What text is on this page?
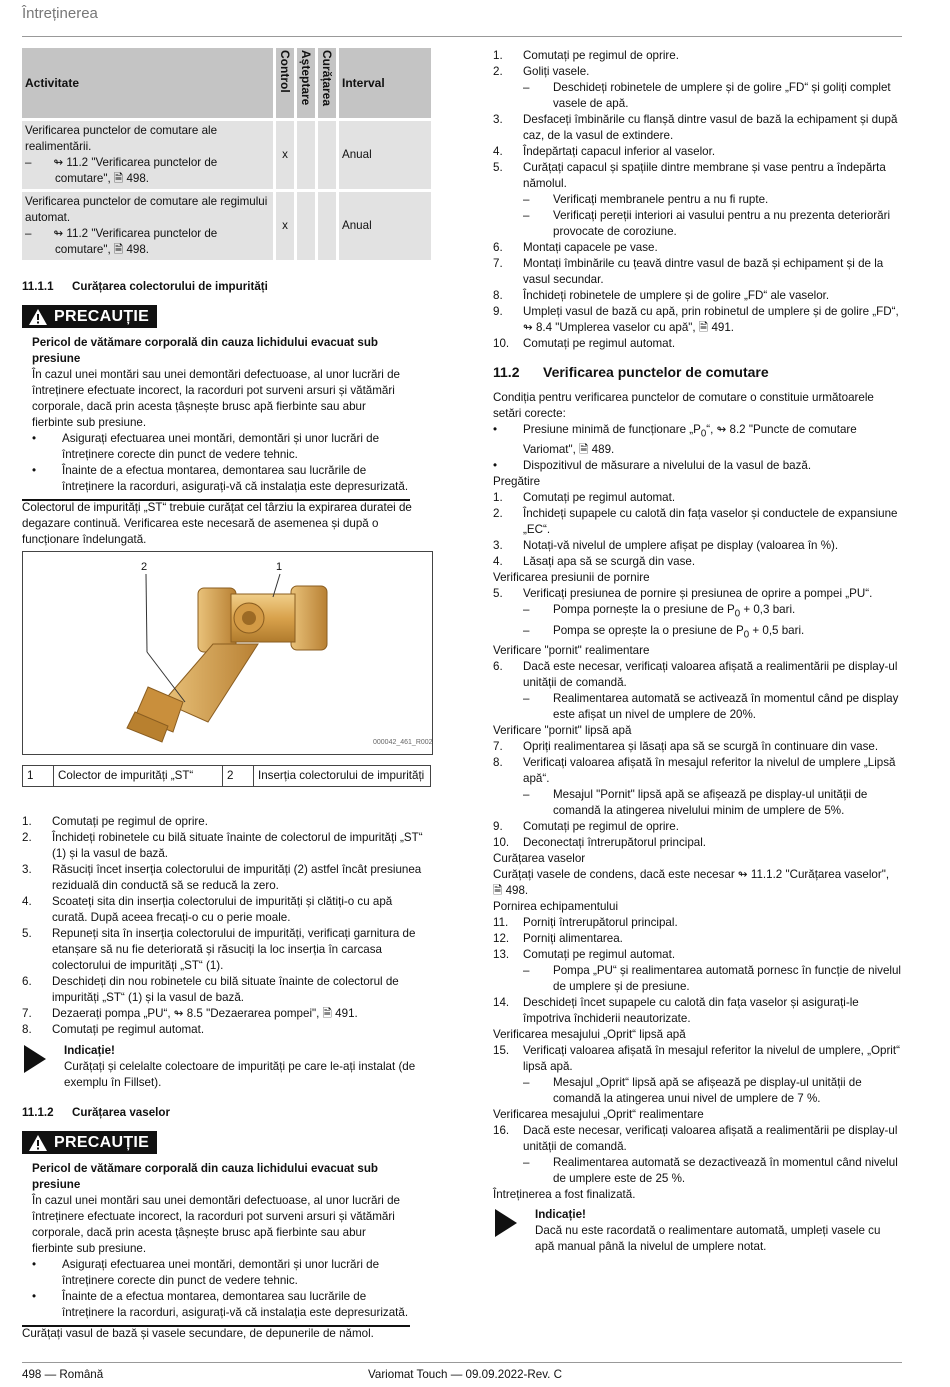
Întreținerea
Activitate	Control	Așteptare	Curățarea	Interval

Verificarea punctelor de comutare ale realimentării.
– ↬ 11.2 "Verificarea punctelor de comutare", 🗎 498.	x			Anual

Verificarea punctelor de comutare ale regimului automat.
– ↬ 11.2 "Verificarea punctelor de comutare", 🗎 498.	x			Anual
11.1.1 Curățarea colectorului de impurități
PRECAUȚIE
Pericol de vătămare corporală din cauza lichidului evacuat sub presiune
În cazul unei montări sau unei demontări defectuoase, al unor lucrări de întreținere efectuate incorect, la racorduri pot surveni arsuri și vătămări corporale, dacă prin acesta țâșnește brusc apă fierbinte sau abur fierbinte sub presiune.
• Asigurați efectuarea unei montări, demontări și unor lucrări de întreținere corecte din punct de vedere tehnic.
• Înainte de a efectua montarea, demontarea sau lucrările de întreținere la racorduri, asigurați-vă că instalația este depresurizată.

Colectorul de impurități „ST“ trebuie curățat cel târziu la expirarea duratei de degazare continuă. Verificarea este necesară de asemenea și după o funcționare îndelungată.

2	1
000042_461_R002
1	Colector de impurități „ST“	2	Inserția colectorului de impurități
1. Comutați pe regimul de oprire.
2. Închideți robinetele cu bilă situate înainte de colectorul de impurități „ST“ (1) și la vasul de bază.
3. Răsuciți încet inserția colectorului de impurități (2) astfel încât presiunea reziduală din conductă să se reducă la zero.
4. Scoateți sita din inserția colectorului de impurități și clătiți-o cu apă curată. După aceea frecați-o cu o perie moale.
5. Repuneți sita în inserția colectorului de impurități, verificați garnitura de etanșare să nu fie deteriorată și răsuciți la loc inserția în carcasa colectorului de impurități „ST“ (1).
6. Deschideți din nou robinetele cu bilă situate înainte de colectorul de impurități „ST“ (1) și la vasul de bază.
7. Dezaerați pompa „PU“, ↬ 8.5 "Dezaerarea pompei", 🗎 491.
8. Comutați pe regimul automat.
Indicație!
Curățați și celelalte colectoare de impurități pe care le-ați instalat (de exemplu în Fillset).
11.1.2 Curățarea vaselor
PRECAUȚIE
Pericol de vătămare corporală din cauza lichidului evacuat sub presiune
În cazul unei montări sau unei demontări defectuoase, al unor lucrări de întreținere efectuate incorect, la racorduri pot surveni arsuri și vătămări corporale, dacă prin acesta țâșnește brusc apă fierbinte sau abur fierbinte sub presiune.
• Asigurați efectuarea unei montări, demontări și unor lucrări de întreținere corecte din punct de vedere tehnic.
• Înainte de a efectua montarea, demontarea sau lucrările de întreținere la racorduri, asigurați-vă că instalația este depresurizată.

Curățați vasul de bază și vasele secundare, de depunerile de nămol.

1. Comutați pe regimul de oprire.
2. Goliți vasele.
– Deschideți robinetele de umplere și de golire „FD“ și goliți complet vasele de apă.
3. Desfaceți îmbinările cu flanșă dintre vasul de bază la echipament și după caz, de la vasul de extindere.
4. Îndepărtați capacul inferior al vaselor.
5. Curățați capacul și spațiile dintre membrane și vase pentru a îndepărta nămolul.
– Verificați membranele pentru a nu fi rupte.
– Verificați pereții interiori ai vasului pentru a nu prezenta deteriorări provocate de coroziune.
6. Montați capacele pe vase.
7. Montați îmbinările cu țeavă dintre vasul de bază și echipament și de la vasul secundar.
8. Închideți robinetele de umplere și de golire „FD“ ale vaselor.
9. Umpleți vasul de bază cu apă, prin robinetul de umplere și de golire „FD“, ↬ 8.4 "Umplerea vaselor cu apă", 🗎 491.
10. Comutați pe regimul automat.
11.2 Verificarea punctelor de comutare

Condiția pentru verificarea punctelor de comutare o constituie următoarele setări corecte:

• Presiune minimă de funcționare $„P_0“$, ↬ 8.2 "Puncte de comutare Variomat", 🗎 489.
• Dispozitivul de măsurare a nivelului de la vasul de bază.

Pregătire

1. Comutați pe regimul automat.
2. Închideți supapele cu calotă din fața vaselor și conductele de expansiune „EC“.
3. Notați-vă nivelul de umplere afișat pe display (valoarea în %).
4. Lăsați apa să se scurgă din vase.

Verificarea presiunii de pornire

5. Verificați presiunea de pornire și presiunea de oprire a pompei „PU“.
– Pompa pornește la o presiune de $P_0 + 0,3$ bari.
– Pompa se oprește la o presiune de $P_0 + 0,5$ bari.

Verificare "pornit" realimentare

6. Dacă este necesar, verificați valoarea afișată a realimentării pe display-ul unității de comandă.
– Realimentarea automată se activează în momentul când pe display este afișat un nivel de umplere de 20%.

Verificare "pornit" lipsă apă

7. Opriți realimentarea și lăsați apa să se scurgă în continuare din vase.
8. Verificați valoarea afișată în mesajul referitor la nivelul de umplere „Lipsă apă“.
– Mesajul "Pornit" lipsă apă se afișează pe display-ul unității de comandă la atingerea nivelului minim de umplere de 5%.
9. Comutați pe regimul de oprire.
10. Deconectați întrerupătorul principal.

Curățarea vaselor

Curățați vasele de condens, dacă este necesar ↬ 11.1.2 "Curățarea vaselor", 🗎 498.

Pornirea echipamentului

11. Porniți întrerupătorul principal.
12. Porniți alimentarea.
13. Comutați pe regimul automat.
– Pompa „PU“ și realimentarea automată pornesc în funcție de nivelul de umplere și de presiune.
14. Deschideți încet supapele cu calotă din fața vaselor și asigurați-le împotriva închiderii neautorizate.

Verificarea mesajului „Oprit“ lipsă apă

15. Verificați valoarea afișată în mesajul referitor la nivelul de umplere, „Oprit“ lipsă apă.
– Mesajul „Oprit“ lipsă apă se afișează pe display-ul unității de comandă la atingerea unui nivel de umplere de 7 %.

Verificarea mesajului „Oprit“ realimentare

16. Dacă este necesar, verificați valoarea afișată a realimentării pe display-ul unității de comandă.
– Realimentarea automată se dezactivează în momentul când nivelul de umplere este de 25 %.

Întreținerea a fost finalizată.

Indicație!
Dacă nu este racordată o realimentare automată, umpleți vasele cu apă manual până la nivelul de umplere notat.
498 — Română	Variomat Touch — 09.09.2022-Rev. C
